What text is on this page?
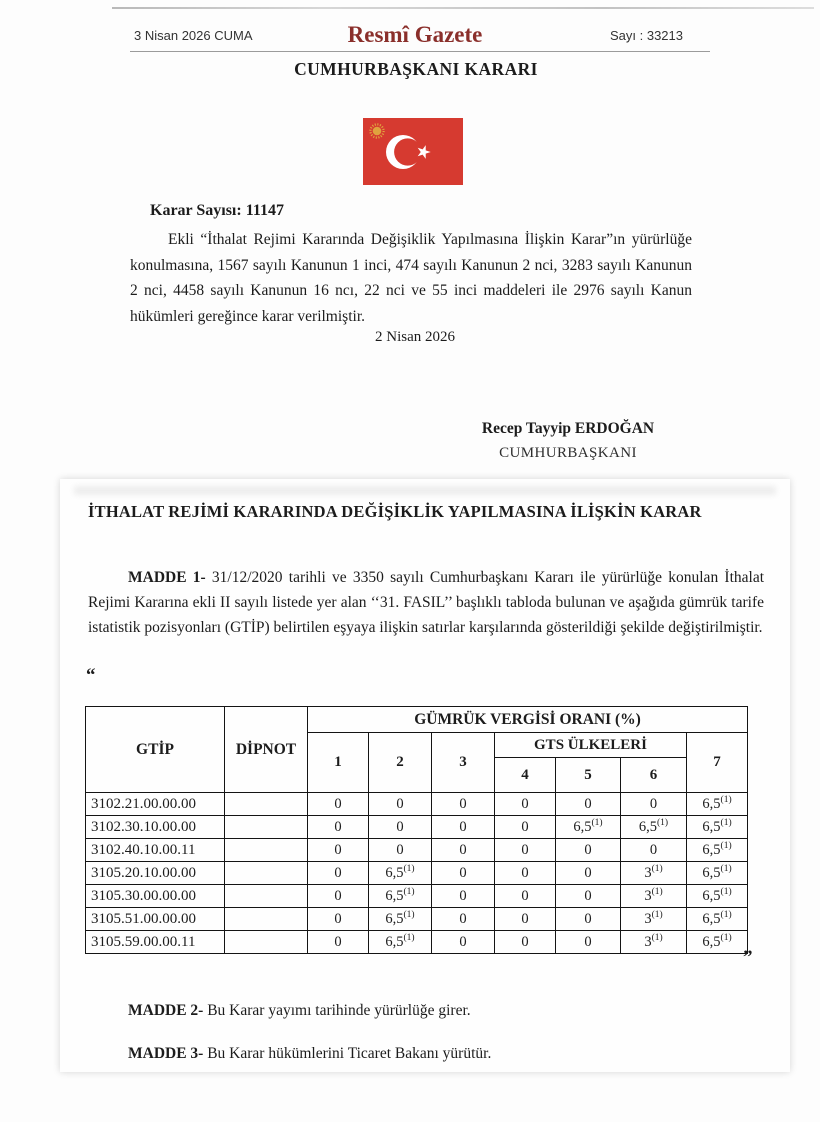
3 Nisan 2026 CUMA	Resmî Gazete	Sayı : 33213
CUMHURBAŞKANI KARARI
Karar Sayısı: 11147

Ekli “İthalat Rejimi Kararında Değişiklik Yapılmasına İlişkin Karar”ın yürürlüğe konulmasına, 1567 sayılı Kanunun 1 inci, 474 sayılı Kanunun 2 nci, 3283 sayılı Kanunun 2 nci, 4458 sayılı Kanunun 16 ncı, 22 nci ve 55 inci maddeleri ile 2976 sayılı Kanun hükümleri gereğince karar verilmiştir.

2 Nisan 2026
Recep Tayyip ERDOĞAN
CUMHURBAŞKANI
İTHALAT REJİMİ KARARINDA DEĞİŞİKLİK YAPILMASINA İLİŞKİN KARAR

MADDE 1- 31/12/2020 tarihli ve 3350 sayılı Cumhurbaşkanı Kararı ile yürürlüğe konulan İthalat Rejimi Kararına ekli II sayılı listede yer alan ‘‘31. FASIL’’ başlıklı tabloda bulunan ve aşağıda gümrük tarife istatistik pozisyonları (GTİP) belirtilen eşyaya ilişkin satırlar karşılarında gösterildiği şekilde değiştirilmiştir.

“
GTİP	DİPNOT	GÜMRÜK VERGİSİ ORANI (%)						
		1	2	3	GTS ÜLKELERİ			7
					4	5	6	
3102.21.00.00.00		0	0	0	0	0	0	6,5$^{(1)}$
3102.30.10.00.00		0	0	0	0	6,5$^{(1)}$	6,5$^{(1)}$	6,5$^{(1)}$
3102.40.10.00.11		0	0	0	0	0	0	6,5$^{(1)}$
3105.20.10.00.00		0	6,5$^{(1)}$	0	0	0	3$^{(1)}$	6,5$^{(1)}$
3105.30.00.00.00		0	6,5$^{(1)}$	0	0	0	3$^{(1)}$	6,5$^{(1)}$
3105.51.00.00.00		0	6,5$^{(1)}$	0	0	0	3$^{(1)}$	6,5$^{(1)}$
3105.59.00.00.11		0	6,5$^{(1)}$	0	0	0	3$^{(1)}$	6,5$^{(1)}$
”

MADDE 2- Bu Karar yayımı tarihinde yürürlüğe girer.

MADDE 3- Bu Karar hükümlerini Ticaret Bakanı yürütür.
